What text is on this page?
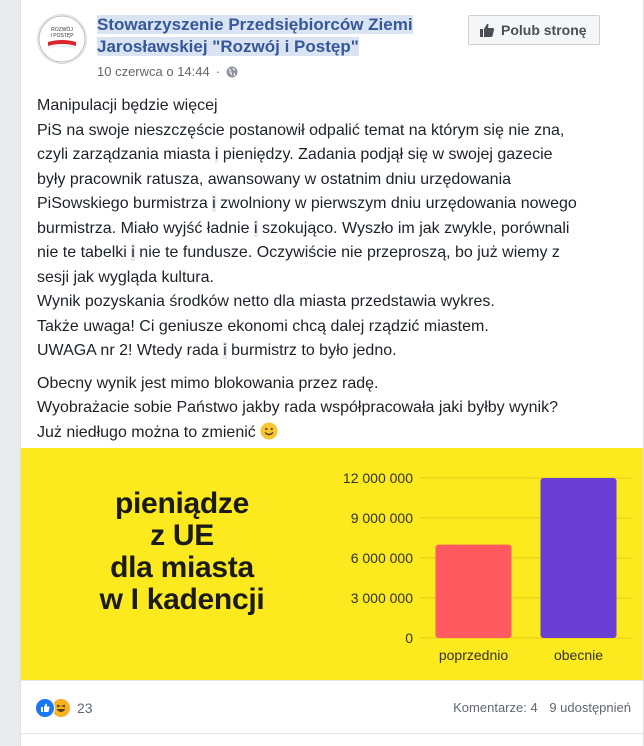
ROZWÓJ
I POSTĘP
Stowarzyszenie Przedsiębiorców Ziemi Jarosławskiej "Rozwój i Postęp"
10 czerwca o 14:44 ·
Polub stronę

Manipulacji będzie więcej

PiS na swoje nieszczęście postanowił odpalić temat na którym się nie zna,

czyli zarządzania miasta i pieniędzy. Zadania podjął się w swojej gazecie

były pracownik ratusza, awansowany w ostatnim dniu urzędowania

PiSowskiego burmistrza i zwolniony w pierwszym dniu urzędowania nowego

burmistrza. Miało wyjść ładnie i szokująco. Wyszło im jak zwykle, porównali

nie te tabelki i nie te fundusze. Oczywiście nie przeproszą, bo już wiemy z

sesji jak wygląda kultura.

Wynik pozyskania środków netto dla miasta przedstawia wykres.

Także uwaga! Ci geniusze ekonomi chcą dalej rządzić miastem.

UWAGA nr 2! Wtedy rada i burmistrz to było jedno.

Obecny wynik jest mimo blokowania przez radę.

Wyobrażacie sobie Państwo jakby rada współpracowała jaki byłby wynik?

Już niedługo można to zmienić

pieniądze
z UE
dla miasta
w I kadencji
0
3 000 000
6 000 000
9 000 000
12 000 000
poprzednio	obecnie
23	Komentarze: 4 9 udostępnień
